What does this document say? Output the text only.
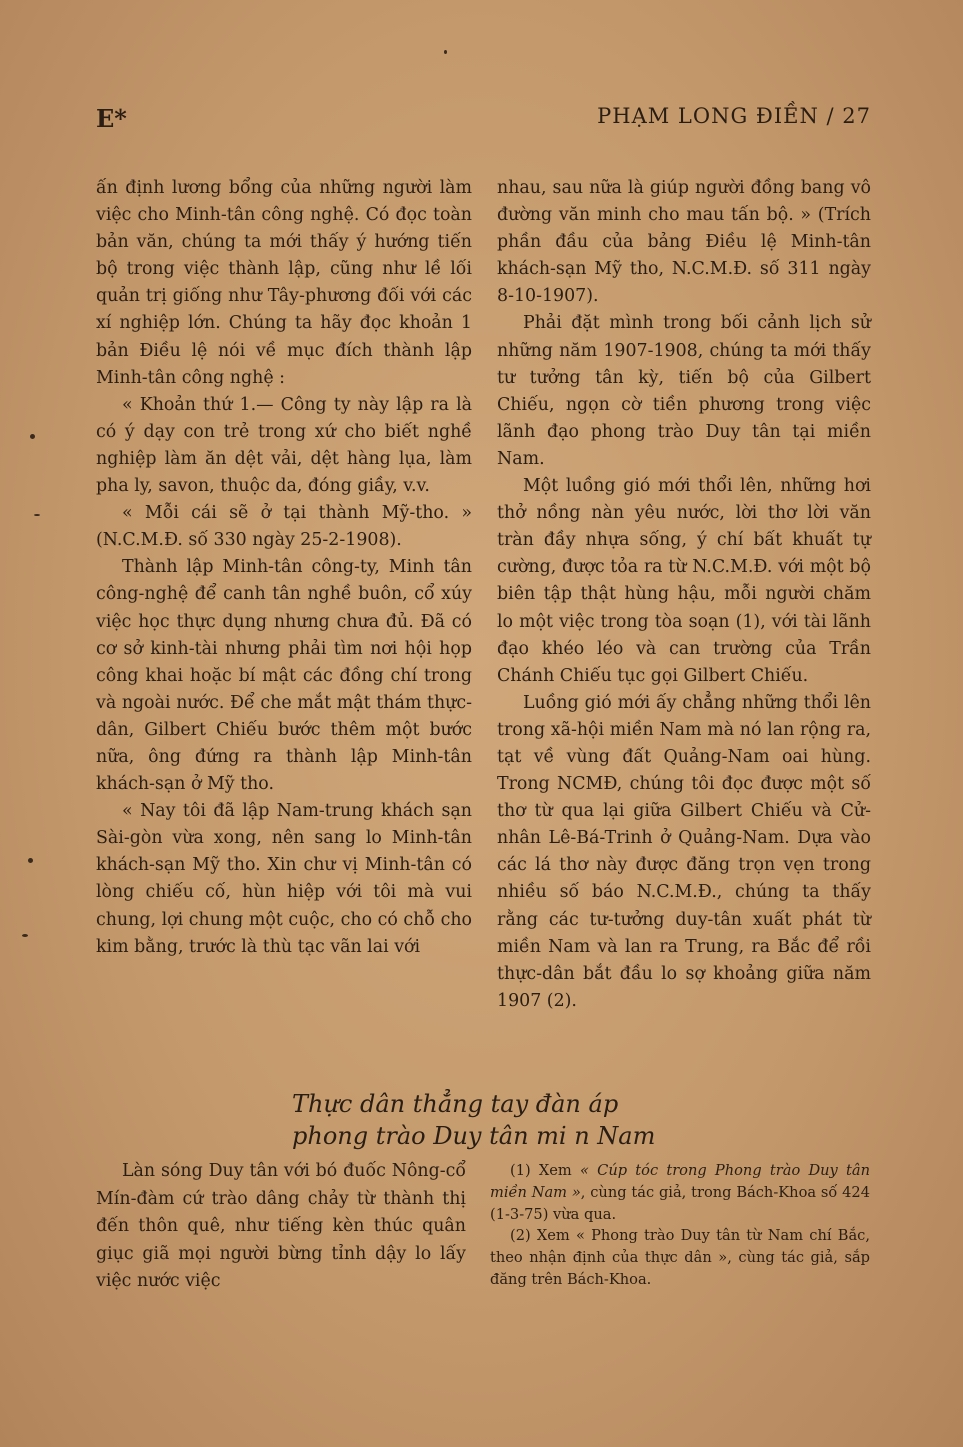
E*	PHẠM LONG ĐIỀN / 27

ấn định lương bổng của những người làm việc cho Minh-tân công nghệ. Có đọc toàn bản văn, chúng ta mới thấy ý hướng tiến bộ trong việc thành lập, cũng như lề lối quản trị giống như Tây-phương đối với các xí nghiệp lớn. Chúng ta hãy đọc khoản 1 bản Điều lệ nói về mục đích thành lập Minh-tân công nghệ :

« Khoản thứ 1.— Công ty này lập ra là có ý dạy con trẻ trong xứ cho biết nghề nghiệp làm ăn dệt vải, dệt hàng lụa, làm pha ly, savon, thuộc da, đóng giầy, v.v.

« Mỗi cái sẽ ở tại thành Mỹ-tho. » (N.C.M.Đ. số 330 ngày 25-2-1908).

Thành lập Minh-tân công-ty, Minh tân công-nghệ để canh tân nghề buôn, cổ xúy việc học thực dụng nhưng chưa đủ. Đã có cơ sở kinh-tài nhưng phải tìm nơi hội họp công khai hoặc bí mật các đồng chí trong và ngoài nước. Để che mắt mật thám thực-dân, Gilbert Chiếu bước thêm một bước nữa, ông đứng ra thành lập Minh-tân khách-sạn ở Mỹ tho.

« Nay tôi đã lập Nam-trung khách sạn Sài-gòn vừa xong, nên sang lo Minh-tân khách-sạn Mỹ tho. Xin chư vị Minh-tân có lòng chiếu cố, hùn hiệp với tôi mà vui chung, lợi chung một cuộc, cho có chỗ cho kim bằng, trước là thù tạc vãn lai với

nhau, sau nữa là giúp người đồng bang vô đường văn minh cho mau tấn bộ. » (Trích phần đầu của bảng Điều lệ Minh-tân khách-sạn Mỹ tho, N.C.M.Đ. số 311 ngày 8-10-1907).

Phải đặt mình trong bối cảnh lịch sử những năm 1907-1908, chúng ta mới thấy tư tưởng tân kỳ, tiến bộ của Gilbert Chiếu, ngọn cờ tiền phương trong việc lãnh đạo phong trào Duy tân tại miền Nam.

Một luồng gió mới thổi lên, những hơi thở nồng nàn yêu nước, lời thơ lời văn tràn đầy nhựa sống, ý chí bất khuất tự cường, được tỏa ra từ N.C.M.Đ. với một bộ biên tập thật hùng hậu, mỗi người chăm lo một việc trong tòa soạn (1), với tài lãnh đạo khéo léo và can trường của Trần Chánh Chiếu tục gọi Gilbert Chiếu.

Luồng gió mới ấy chẳng những thổi lên trong xã-hội miền Nam mà nó lan rộng ra, tạt về vùng đất Quảng-Nam oai hùng. Trong NCMĐ, chúng tôi đọc được một số thơ từ qua lại giữa Gilbert Chiếu và Cử-nhân Lê-Bá-Trinh ở Quảng-Nam. Dựa vào các lá thơ này được đăng trọn vẹn trong nhiều số báo N.C.M.Đ., chúng ta thấy rằng các tư-tưởng duy-tân xuất phát từ miền Nam và lan ra Trung, ra Bắc để rồi thực-dân bắt đầu lo sợ khoảng giữa năm 1907 (2).

Thực dân thẳng tay đàn áp
phong trào Duy tân mi n Nam

Làn sóng Duy tân với bó đuốc Nông-cổ Mín-đàm cứ trào dâng chảy từ thành thị đến thôn quê, như tiếng kèn thúc quân giục giã mọi người bừng tỉnh dậy lo lấy việc nước việc

(1) Xem « Cúp tóc trong Phong trào Duy tân miền Nam », cùng tác giả, trong Bách-Khoa số 424 (1-3-75) vừa qua.

(2) Xem « Phong trào Duy tân từ Nam chí Bắc, theo nhận định của thực dân », cùng tác giả, sắp đăng trên Bách-Khoa.
